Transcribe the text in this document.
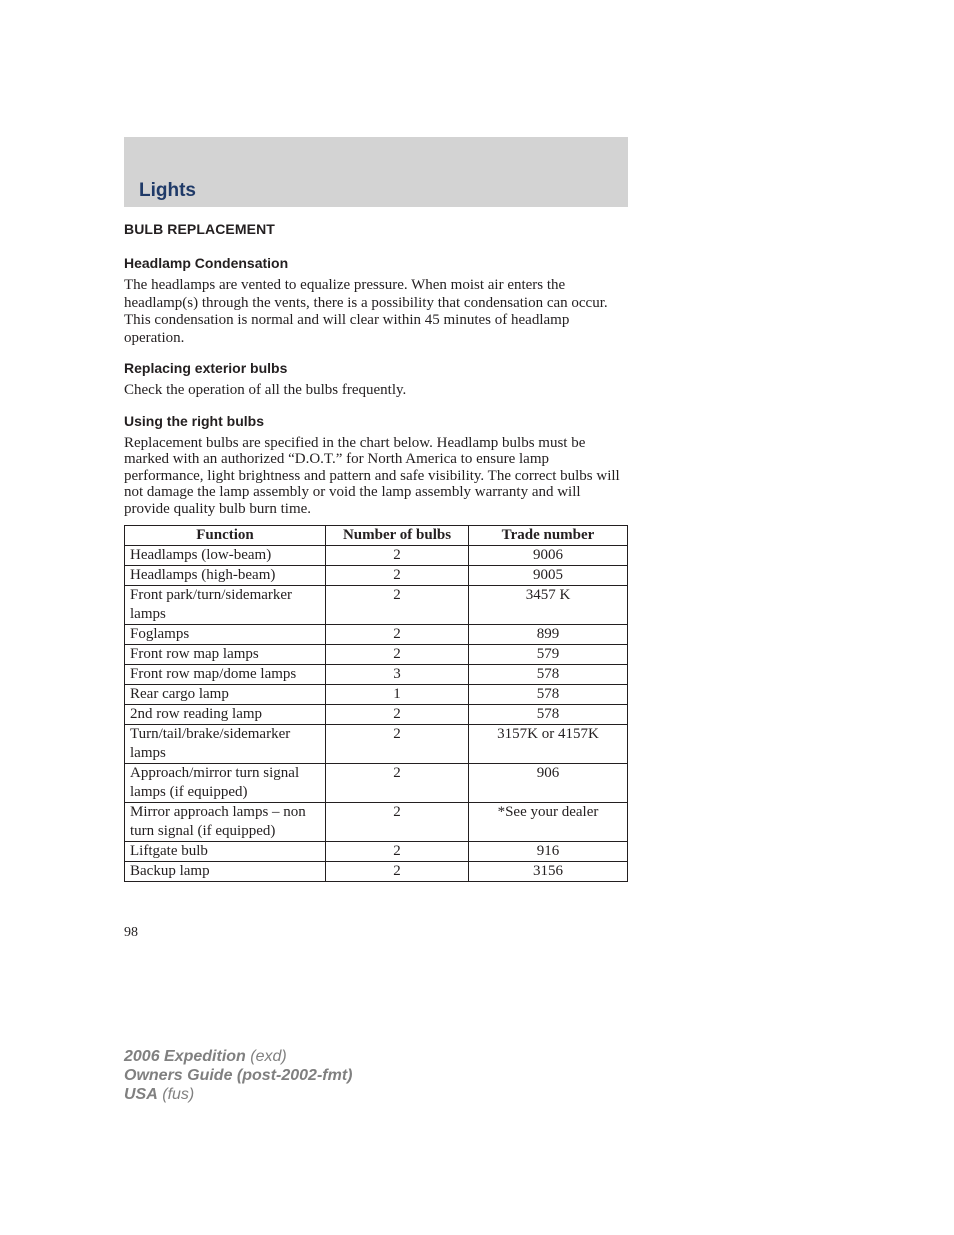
Lights
BULB REPLACEMENT
Headlamp Condensation
The headlamps are vented to equalize pressure. When moist air enters the headlamp(s) through the vents, there is a possibility that condensation can occur. This condensation is normal and will clear within 45 minutes of headlamp operation.
Replacing exterior bulbs
Check the operation of all the bulbs frequently.
Using the right bulbs
Replacement bulbs are specified in the chart below. Headlamp bulbs must be marked with an authorized “D.O.T.” for North America to ensure lamp performance, light brightness and pattern and safe visibility. The correct bulbs will not damage the lamp assembly or void the lamp assembly warranty and will provide quality bulb burn time.
Function	Number of bulbs	Trade number
Headlamps (low-beam)	2	9006
Headlamps (high-beam)	2	9005
Front park/turn/sidemarker lamps	2	3457 K
Foglamps	2	899
Front row map lamps	2	579
Front row map/dome lamps	3	578
Rear cargo lamp	1	578
2nd row reading lamp	2	578
Turn/tail/brake/sidemarker lamps	2	3157K or 4157K
Approach/mirror turn signal lamps (if equipped)	2	906
Mirror approach lamps – non turn signal (if equipped)	2	*See your dealer
Liftgate bulb	2	916
Backup lamp	2	3156
98
2006 Expedition (exd)
Owners Guide (post-2002-fmt)
USA (fus)
